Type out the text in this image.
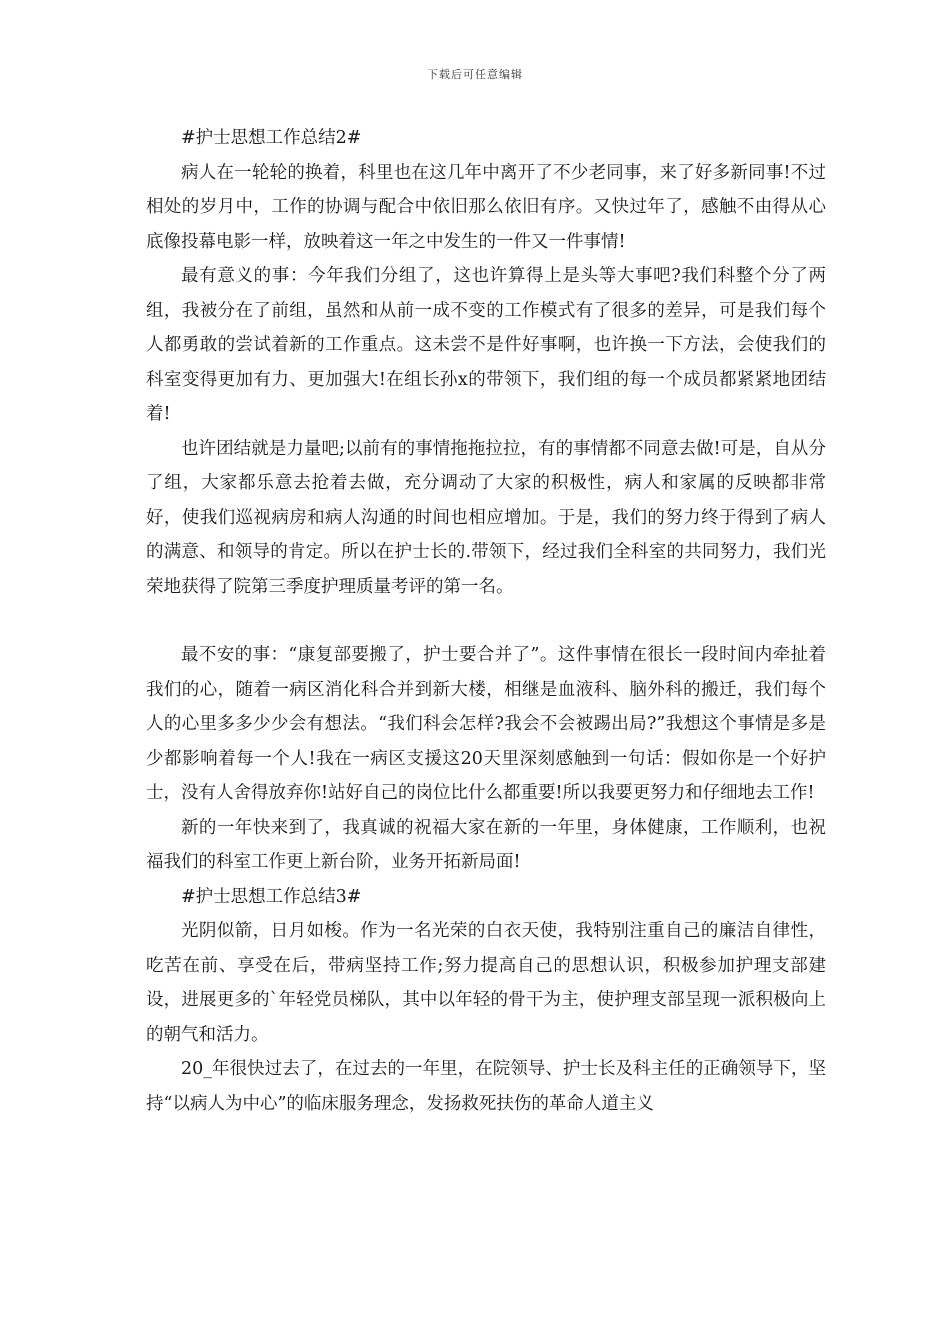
下载后可任意编辑

#护士思想工作总结2#

病人在一轮轮的换着，科里也在这几年中离开了不少老同事，来了好多新同事!不过相处的岁月中，工作的协调与配合中依旧那么依旧有序。又快过年了，感触不由得从心底像投幕电影一样，放映着这一年之中发生的一件又一件事情!

最有意义的事：今年我们分组了，这也许算得上是头等大事吧?我们科整个分了两组，我被分在了前组，虽然和从前一成不变的工作模式有了很多的差异，可是我们每个人都勇敢的尝试着新的工作重点。这未尝不是件好事啊，也许换一下方法，会使我们的科室变得更加有力、更加强大!在组长孙x的带领下，我们组的每一个成员都紧紧地团结着!

也许团结就是力量吧;以前有的事情拖拖拉拉，有的事情都不同意去做!可是，自从分了组，大家都乐意去抢着去做，充分调动了大家的积极性，病人和家属的反映都非常好，使我们巡视病房和病人沟通的时间也相应增加。于是，我们的努力终于得到了病人的满意、和领导的肯定。所以在护士长的.带领下，经过我们全科室的共同努力，我们光荣地获得了院第三季度护理质量考评的第一名。

最不安的事：“康复部要搬了，护士要合并了”。这件事情在很长一段时间内牵扯着我们的心，随着一病区消化科合并到新大楼，相继是血液科、脑外科的搬迁，我们每个人的心里多多少少会有想法。“我们科会怎样?我会不会被踢出局?”我想这个事情是多是少都影响着每一个人!我在一病区支援这20天里深刻感触到一句话：假如你是一个好护士，没有人舍得放弃你!站好自己的岗位比什么都重要!所以我要更努力和仔细地去工作!

新的一年快来到了，我真诚的祝福大家在新的一年里，身体健康，工作顺利，也祝福我们的科室工作更上新台阶，业务开拓新局面!

#护士思想工作总结3#

光阴似箭，日月如梭。作为一名光荣的白衣天使，我特别注重自己的廉洁自律性，吃苦在前、享受在后，带病坚持工作;努力提高自己的思想认识，积极参加护理支部建设，进展更多的`年轻党员梯队，其中以年轻的骨干为主，使护理支部呈现一派积极向上的朝气和活力。

20_年很快过去了，在过去的一年里，在院领导、护士长及科主任的正确领导下，坚持“以病人为中心”的临床服务理念，发扬救死扶伤的革命人道主义
